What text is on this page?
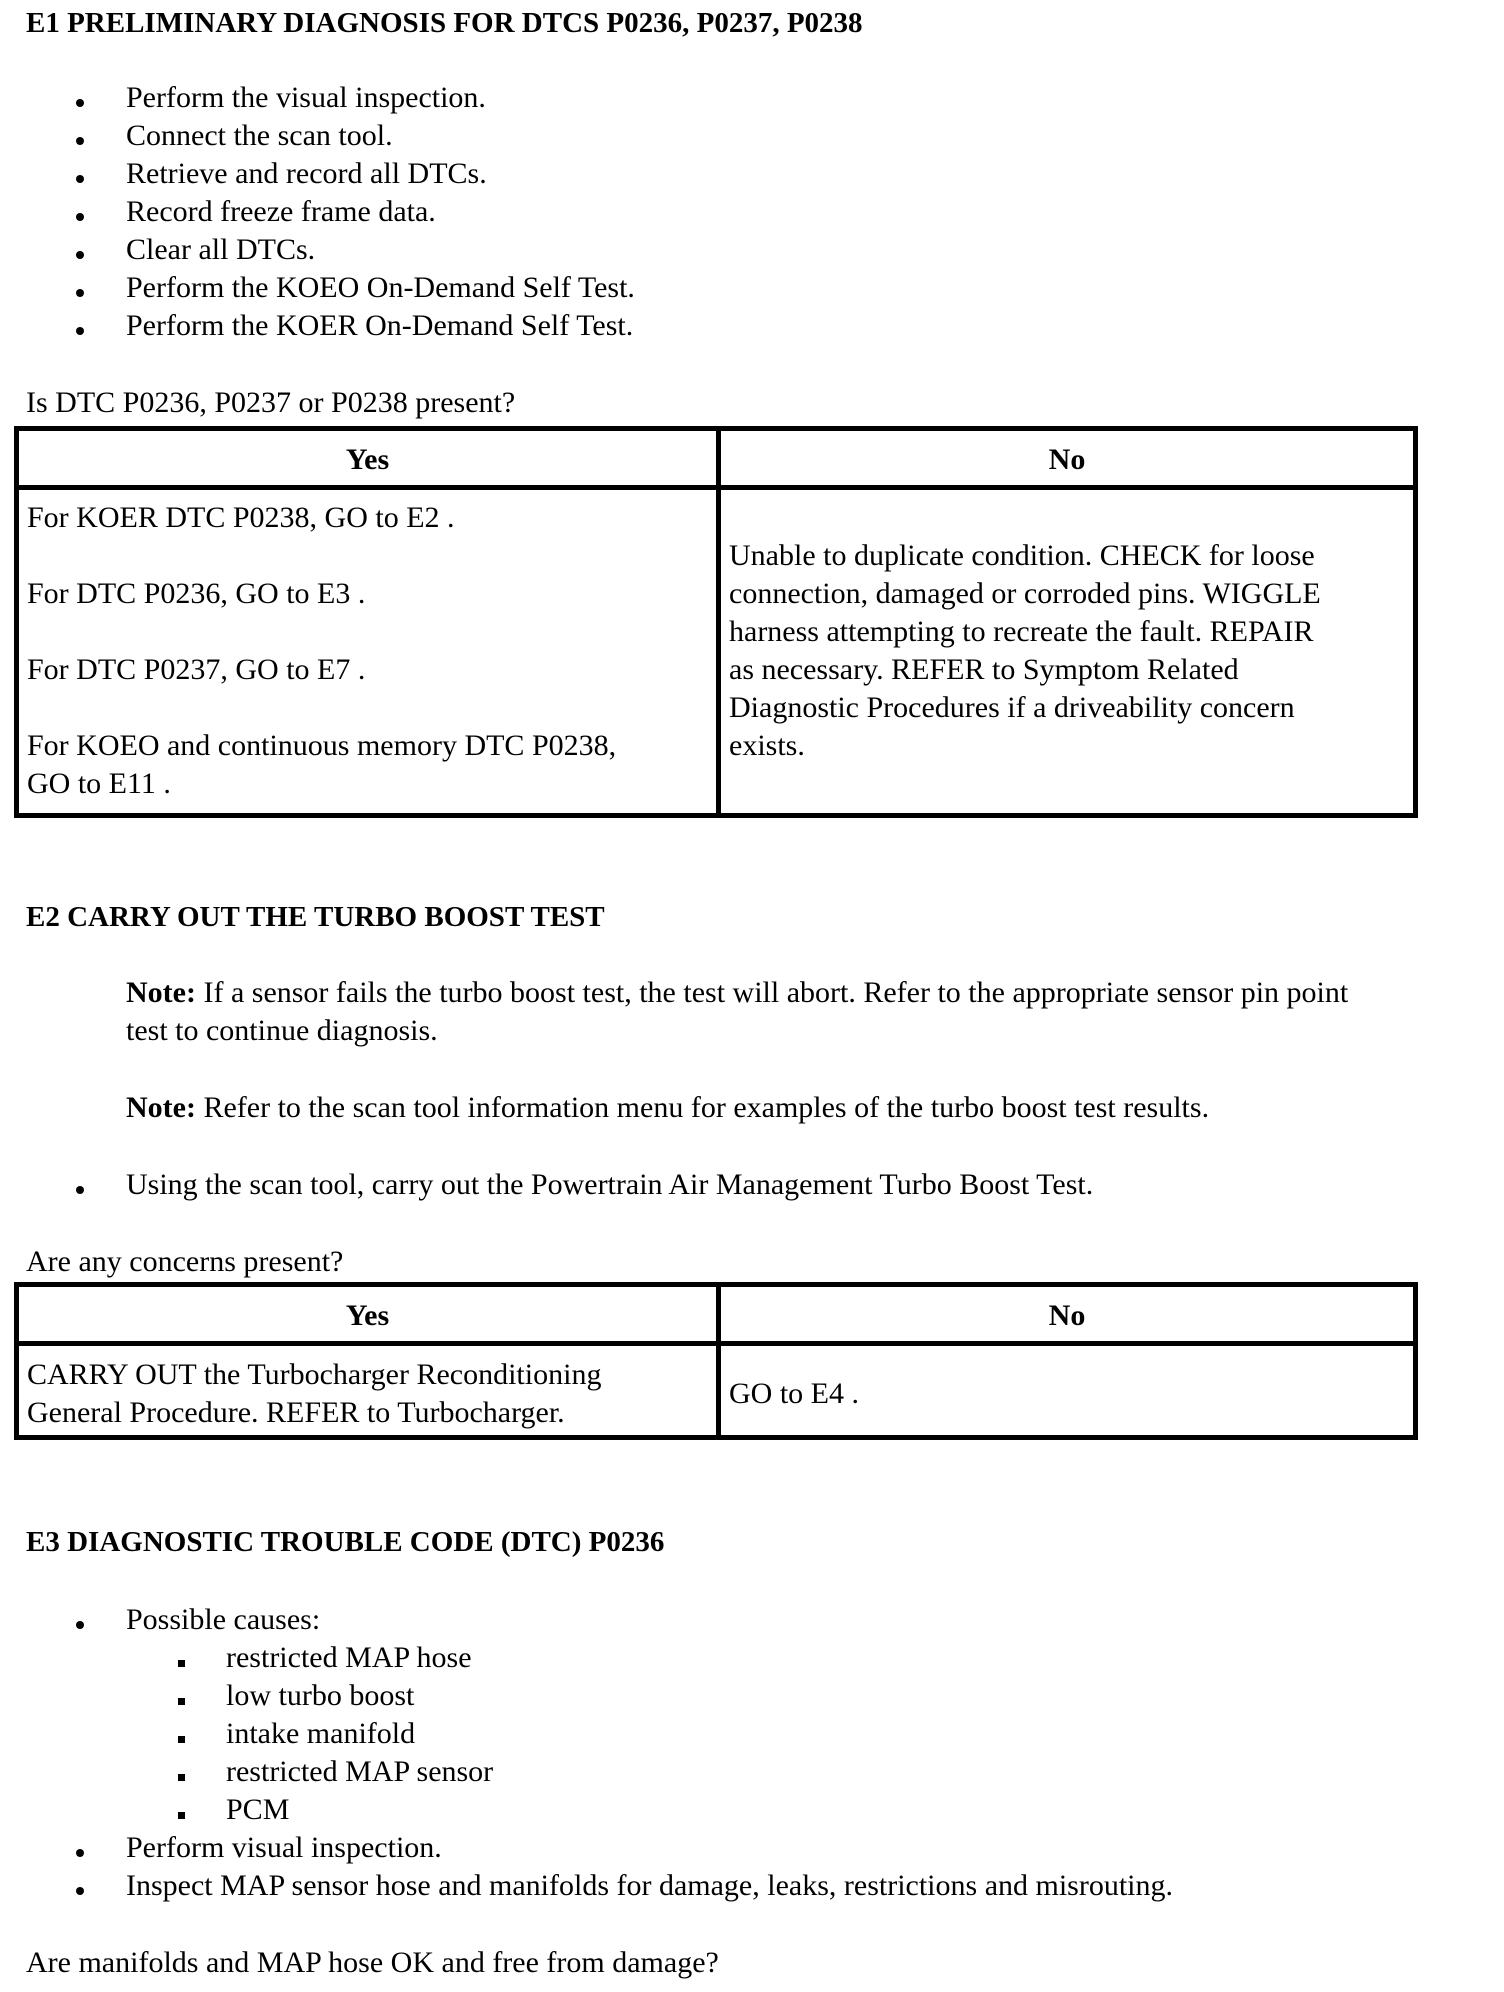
E1 PRELIMINARY DIAGNOSIS FOR DTCS P0236, P0237, P0238
Perform the visual inspection.
Connect the scan tool.
Retrieve and record all DTCs.
Record freeze frame data.
Clear all DTCs.
Perform the KOEO On-Demand Self Test.
Perform the KOER On-Demand Self Test.
Is DTC P0236, P0237 or P0238 present?
Yes	No
For KOER DTC P0238, GO to E2 .
For DTC P0236, GO to E3 .
For DTC P0237, GO to E7 .
For KOEO and continuous memory DTC P0238,
GO to E11 .
Unable to duplicate condition. CHECK for loose
connection, damaged or corroded pins. WIGGLE
harness attempting to recreate the fault. REPAIR
as necessary. REFER to Symptom Related
Diagnostic Procedures if a driveability concern
exists.
E2 CARRY OUT THE TURBO BOOST TEST
Note: If a sensor fails the turbo boost test, the test will abort. Refer to the appropriate sensor pin point
test to continue diagnosis.
Note: Refer to the scan tool information menu for examples of the turbo boost test results.
Using the scan tool, carry out the Powertrain Air Management Turbo Boost Test.
Are any concerns present?
Yes	No
CARRY OUT the Turbocharger Reconditioning
General Procedure. REFER to Turbocharger.
GO to E4 .
E3 DIAGNOSTIC TROUBLE CODE (DTC) P0236
Possible causes:
restricted MAP hose
low turbo boost
intake manifold
restricted MAP sensor
PCM
Perform visual inspection.
Inspect MAP sensor hose and manifolds for damage, leaks, restrictions and misrouting.
Are manifolds and MAP hose OK and free from damage?
